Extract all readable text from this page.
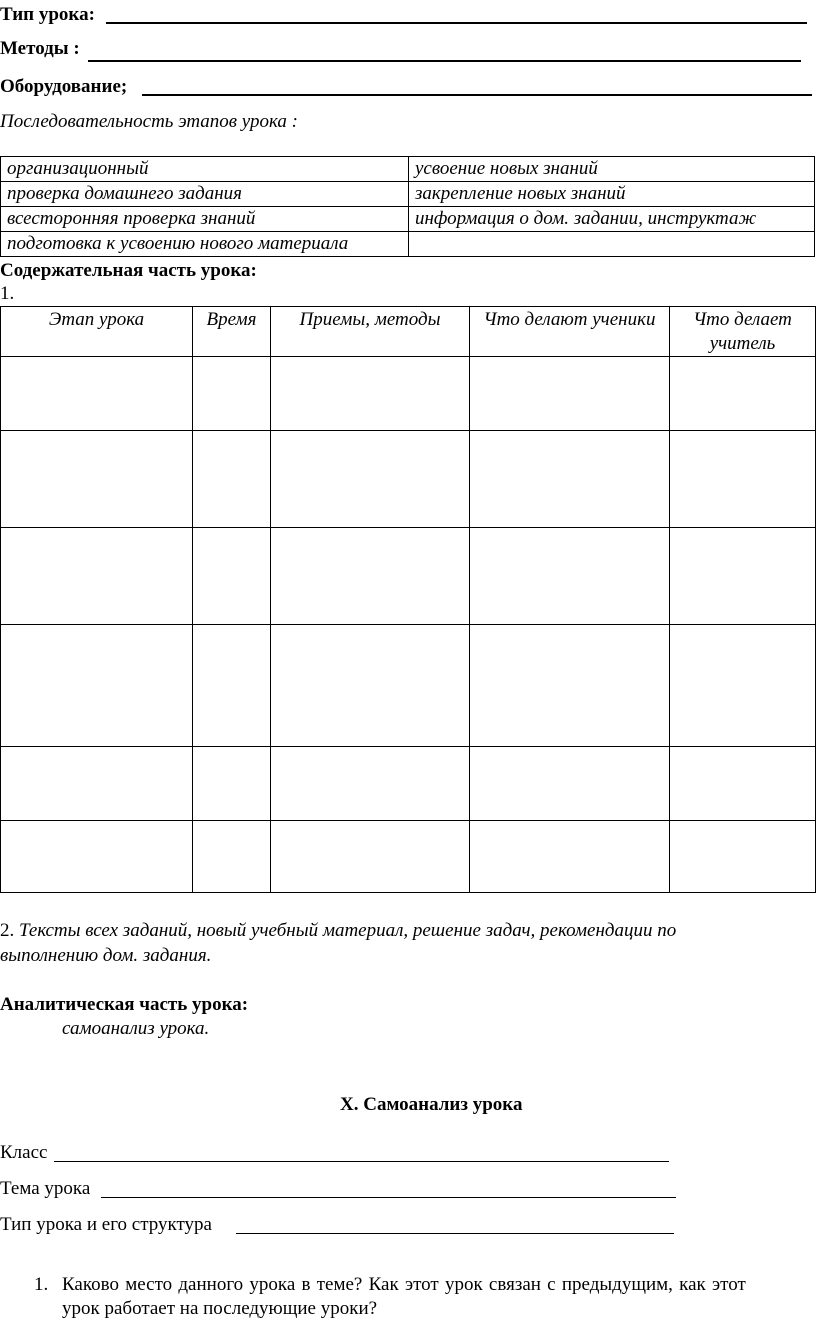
Тип урока:
Методы :
Оборудование;
Последовательность этапов урока :
организационный	усвоение новых знаний
проверка домашнего задания	закрепление новых знаний
всесторонняя проверка знаний	информация о дом. задании, инструктаж
подготовка к усвоению нового материала	
Содержательная часть урока:
1.
Этап урока	Время	Приемы, методы	Что делают ученики	Что делает учитель

2. Тексты всех заданий, новый учебный материал, решение задач, рекомендации по
выполнению дом. задания.
Аналитическая часть урока:
самоанализ урока.
Х. Самоанализ урока
Класс
Тема урока
Тип урока и его структура
1. Каково место данного урока в теме? Как этот урок связан с предыдущим, как этот
урок работает на последующие уроки?
